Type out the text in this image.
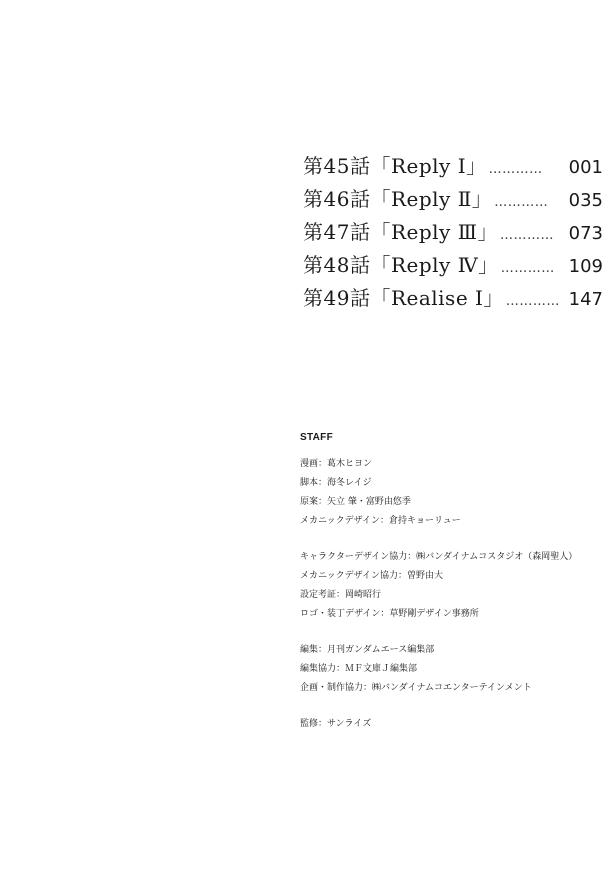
第45話「Reply Ⅰ」 …………	001
第46話「Reply Ⅱ」 …………	035
第47話「Reply Ⅲ」 ………… 073
第48話「Reply Ⅳ」 ………… 109
第49話「Realise Ⅰ」 ………… 147
STAFF
漫画：葛木ヒヨン
脚本：海冬レイジ
原案：矢立 肇・富野由悠季
メカニックデザイン：倉持キョーリュー
キャラクターデザイン協力：㈱バンダイナムコスタジオ（森岡聖人）
メカニックデザイン協力：曽野由大
設定考証：岡崎昭行
ロゴ・装丁デザイン：草野剛デザイン事務所
編集：月刊ガンダムエース編集部
編集協力：ＭＦ文庫Ｊ編集部
企画・制作協力：㈱バンダイナムコエンターテインメント
監修：サンライズ
